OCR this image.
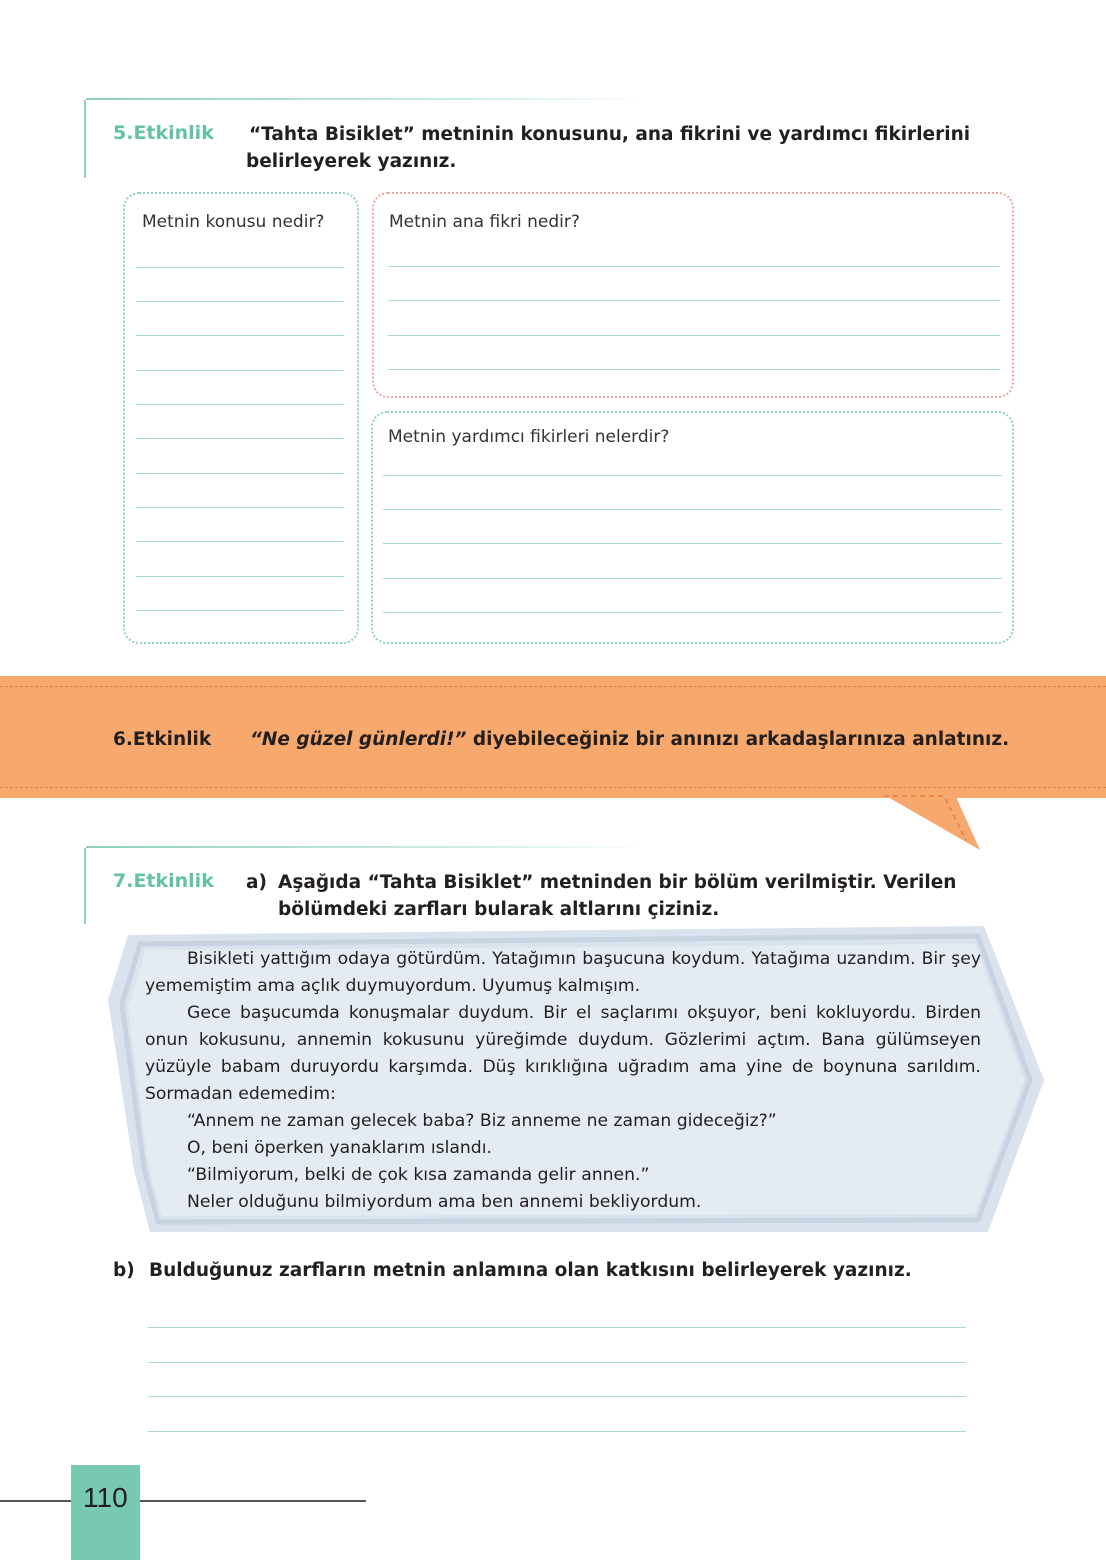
5.Etkinlik “Tahta Bisiklet” metninin konusunu, ana fikrini ve yardımcı fikirlerini
belirleyerek yazınız.
Metnin konusu nedir?	Metnin ana fikri nedir?
Metnin yardımcı fikirleri nelerdir?
6.Etkinlik “Ne güzel günlerdi!” diyebileceğiniz bir anınızı arkadaşlarınıza anlatınız.
7.Etkinlik a) Aşağıda “Tahta Bisiklet” metninden bir bölüm verilmiştir. Verilen
bölümdeki zarfları bularak altlarını çiziniz.

Bisikleti yattığım odaya götürdüm. Yatağımın başucuna koydum. Yatağıma uzandım. Bir şey yememiştim ama açlık duymuyordum. Uyumuş kalmışım.

Gece başucumda konuşmalar duydum. Bir el saçlarımı okşuyor, beni kokluyordu. Birden onun kokusunu, annemin kokusunu yüreğimde duydum. Gözlerimi açtım. Bana gülümseyen yüzüyle babam duruyordu karşımda. Düş kırıklığına uğradım ama yine de boynuna sarıldım. Sormadan edemedim:

“Annem ne zaman gelecek baba? Biz anneme ne zaman gideceğiz?”

O, beni öperken yanaklarım ıslandı.

“Bilmiyorum, belki de çok kısa zamanda gelir annen.”

Neler olduğunu bilmiyordum ama ben annemi bekliyordum.

b) Bulduğunuz zarfların metnin anlamına olan katkısını belirleyerek yazınız.
110
